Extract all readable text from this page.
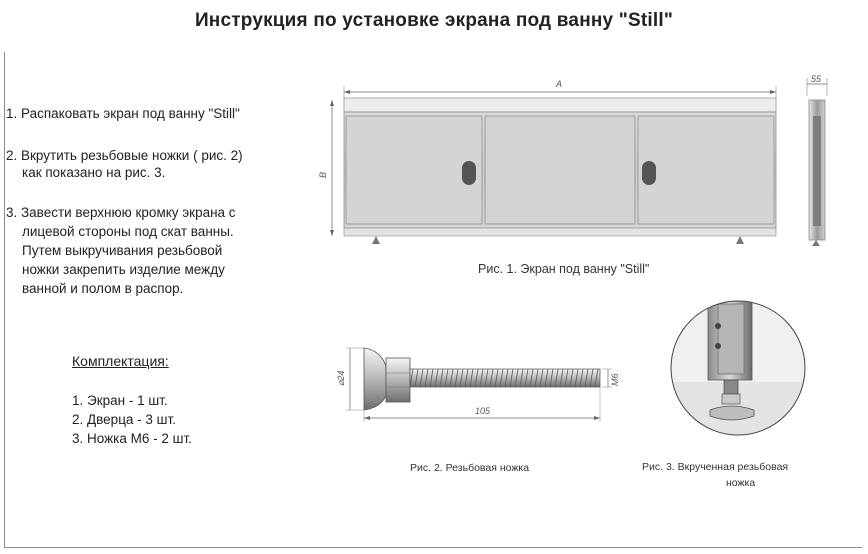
Инструкция по установке экрана под ванну "Still"
1. Распаковать экран под ванну "Still"
2. Вкрутить резьбовые ножки ( рис. 2)
как показано на рис. 3.
3. Завести верхнюю кромку экрана с
лицевой стороны под скат ванны.
Путем выкручивания резьбовой
ножки закрепить изделие между
ванной и полом в распор.
Комплектация:
1. Экран - 1 шт.
2. Дверца - 3 шт.
3. Ножка М6 - 2 шт.
A
B
55
Рис. 1. Экран под ванну "Still"
⌀24	M6
105
Рис. 2. Резьбовая ножка	Рис. 3. Вкрученная резьбовая
ножка
